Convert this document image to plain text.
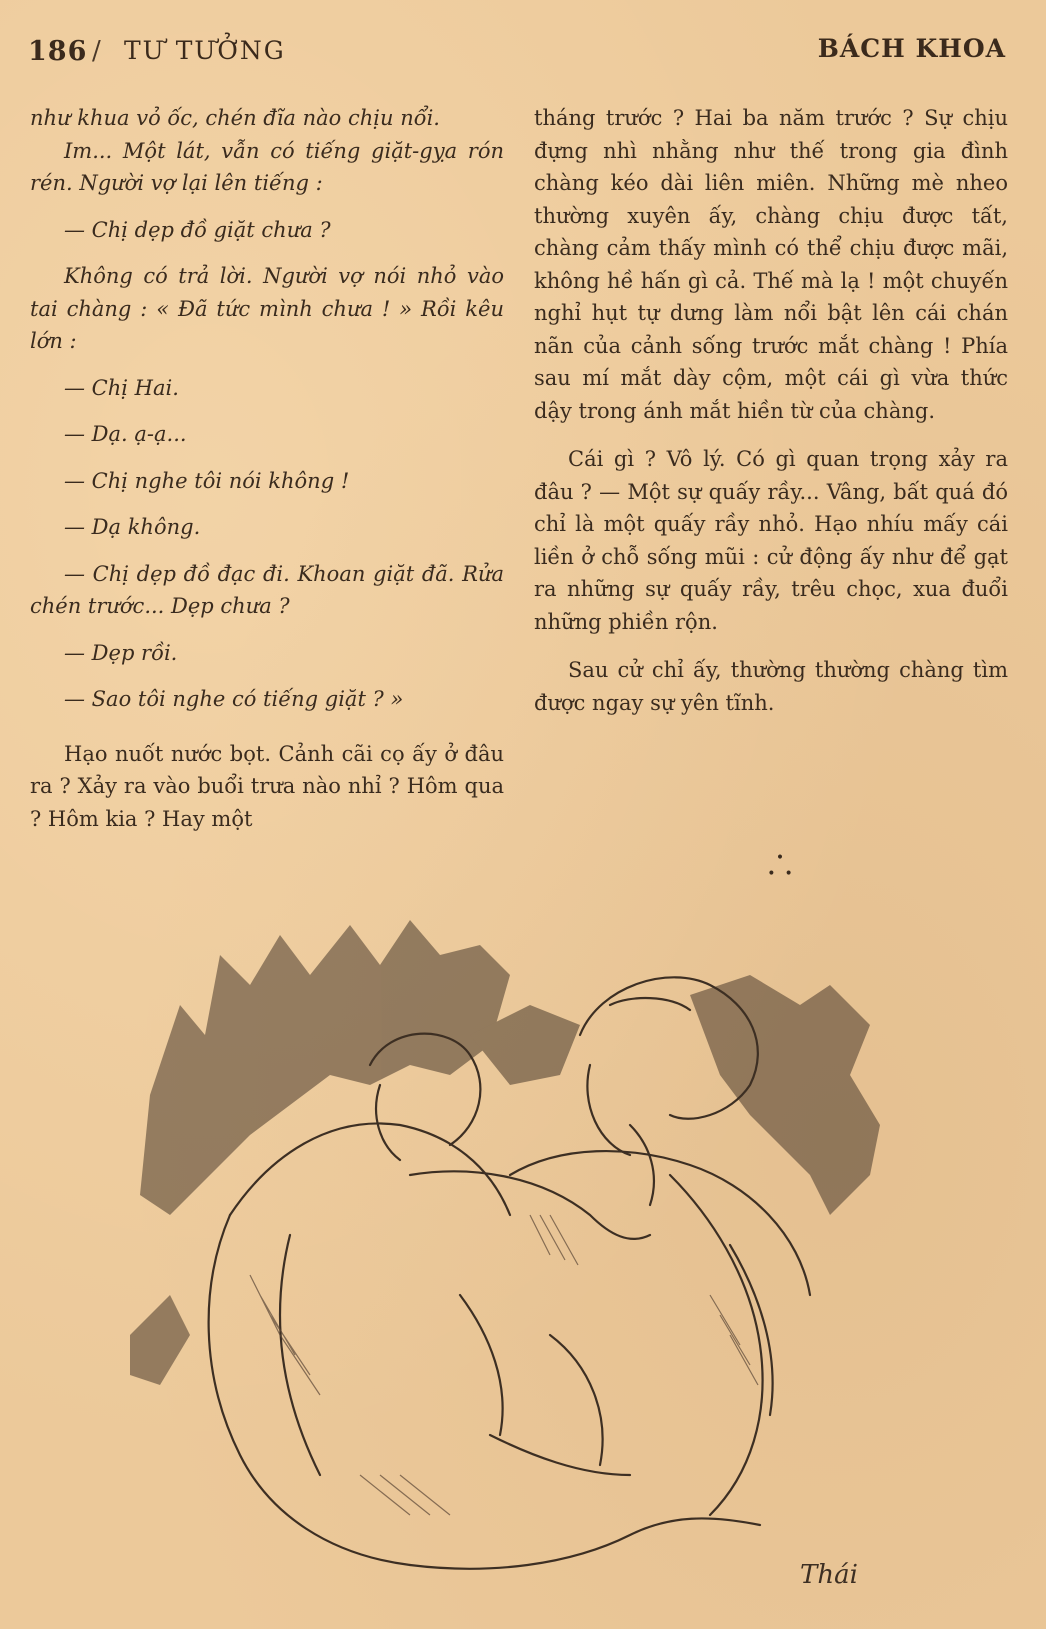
186 / TƯ TƯỞNG	BÁCH KHOA

như khua vỏ ốc, chén đĩa nào chịu nổi.

Im... Một lát, vẫn có tiếng giặt-gỵa rón rén. Người vợ lại lên tiếng :

— Chị dẹp đồ giặt chưa ?

Không có trả lời. Người vợ nói nhỏ vào tai chàng : « Đã tức mình chưa ! » Rồi kêu lớn :

— Chị Hai.

— Dạ. ạ-ạ...

— Chị nghe tôi nói không !

— Dạ không.

— Chị dẹp đồ đạc đi. Khoan giặt đã. Rửa chén trước... Dẹp chưa ?

— Dẹp rồi.

— Sao tôi nghe có tiếng giặt ? »

Hạo nuốt nước bọt. Cảnh cãi cọ ấy ở đâu ra ? Xảy ra vào buổi trưa nào nhỉ ? Hôm qua ? Hôm kia ? Hay một

tháng trước ? Hai ba năm trước ? Sự chịu đựng nhì nhằng như thế trong gia đình chàng kéo dài liên miên. Những mè nheo thường xuyên ấy, chàng chịu được tất, chàng cảm thấy mình có thể chịu được mãi, không hề hấn gì cả. Thế mà lạ ! một chuyến nghỉ hụt tự dưng làm nổi bật lên cái chán nãn của cảnh sống trước mắt chàng ! Phía sau mí mắt dày cộm, một cái gì vừa thức dậy trong ánh mắt hiền từ của chàng.

Cái gì ? Vô lý. Có gì quan trọng xảy ra đâu ? — Một sự quấy rầy... Vâng, bất quá đó chỉ là một quấy rầy nhỏ. Hạo nhíu mấy cái liền ở chỗ sống mũi : cử động ấy như để gạt ra những sự quấy rầy, trêu chọc, xua đuổi những phiền rộn.

Sau cử chỉ ấy, thường thường chàng tìm được ngay sự yên tĩnh.

•
•  •
Thái
